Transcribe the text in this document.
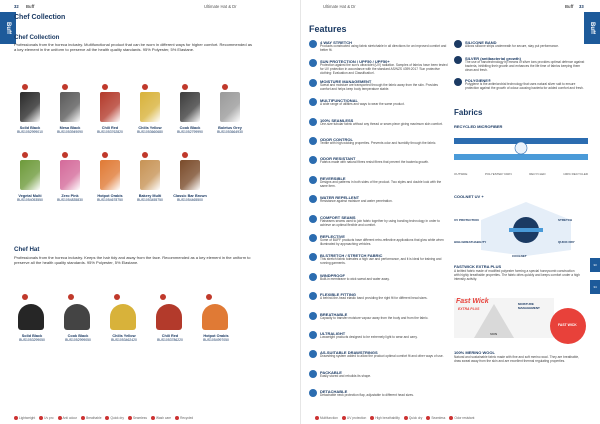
32 Buff	Ultimate Hat & Dr
Buff
Chef Collection
Chef Collection
Professionals from the horeca industry. Multifunctional product that can be worn in different ways for higher comfort. Recommended as a key element in the uniform to preserve all the health quality standards. 95% Polyester, 5% Elastane.
Solid Black
BUS1052999010
Mesa Black
BUS1053949090
Chili Red
BUS1053762820
Chilis Yellow
BUS1053660680
Cook Black
BUS1052799990
Boletus Grey
BUS1053664930
Vegetal Multi
BUS1054053550
Zero Pink
BUS1054835830
Hotpot Orabis
BUS1054678750
Bakery Multi
BUS1053455750
Classic Bar Brown
BUS1054465500
Chef Hat
Professionals from the horeca industry. Keeps the hair tidy and away from the face. Recommended as a key element in the uniform to preserve all the health quality standards. 95% Polyester, 5% Elastane.
Solid Black
BUS1053299050
Cook Black
BUS1052999050
Chilis Yellow
BUS1053462420
Chili Red
BUS1053786220
Hotpot Orabis
BUS1054997050
Lightweight	Uv pro	Anti odour	Breathable	Quick dry	Seamless	Wash care	Recycled
Ultimate Hat & Dr	Buff 33
Buff
Features
4 WAY STRETCH

Products constructed using fabric stretchable in all directions for an improved comfort and better fit.

SUN PROTECTION / UPF50 / UPF50+

Protection against the sun's ultraviolet (UV) radiation. Samples of fabrics have been tested for UV protection in accordance with the standard AS/NZS 4399:2017 'Sun protective clothing: Evaluation and Classification'.

MOISTURE MANAGEMENT

Sweat and moisture are transported through the fabric away from the skin. Provides comfort and helps keep body temperature stable.

MULTIFUNCTIONAL

A wide range of utilities and ways to wear the same product.

100% SEAMLESS

One-size tubular fabric without any thread or seam piece giving maximum skin comfort.

ODOR CONTROL

Textile with high-wicking properties. Prevents odor and humidity through the fabric.

ODOR RESISTANT

Fabrics made with natural fibres resist fibres that prevent the bacteria growth.

REVERSIBLE

Designs and patterns in both sides of the product. Two styles and double look with the same item.

WATER REPELLENT

Resistance against moisture and water penetration.

COMFORT SEAMS

Flatseams seams used to join fabric together by using bonding technology in order to achieve an optimal flexible and comfort.

REFLECTIVE

Some of BUFF products have different retro-reflective applications that glow white when illuminated by approaching vehicles.

BI-STRETCH / STRETCH FABRIC

This stretch fabric tolerates a high use and performance, and it is ideal for training and running garments.

WINDPROOF

Built-in membrane to wick sweat and water away.

FLEXIBLE FITTING

A behind-the-head elastic band providing the right fit for different head sizes.

BREATHABLE

Capacity to transfer moisture vapour away from the body and from the fabric.

ULTRALIGHT

Lowweight products designed to be extremely light to wear and carry.

AS-SUITABLE DRAWSTRINGS

Drawstring system added to allow the product optimal comfort fit and other ways of use.

PACKABLE

Easily stored and rebuilds its shape.

DETACHABLE

Detachable neck protection flap, adjustable to different head sizes.

SILICONE BAND

Allows silicone strips underneath for secure, stay put performance.

SILVER (antibacterial growth)

The use of nanotechnology by means of silver ions provides optimal defence against bacteria, inhibiting their growth and enhances the life time of fabrics keeping them clean and fresh.

POLYGIENE®

Polygiene is the antimicrobial technology that uses natural silver salt to ensure protection against the growth of odour-causing bacteria for added comfort and fresh.

Fabrics
RECYCLED MICROFIBER
OUTSIDE	POLYESTER YARN	RECYCLED	100% RECYCLED
COOLNET UV +
UV PROTECTION	STRETCH
HIGH BREATHABILITY	QUICK DRY
COOLNET
FASTWICK EXTRA PLUS
A knitted fabric made of modified polyester forming a special honeycomb construction with highly breathable properties. The fabric dries quickly and keeps comfort under a high intensity activity.
Fast Wick
EXTRA PLUS
MOISTURE MANAGEMENT
SKIN
FAST WICK
100% MERINO WOOL
Natural and sustainable fabric made with fine and soft merino wool. They are breathable, draw sweat away from the skin and are excellent thermal regulating properties.
33
34
Multifunction	UV protection	High breathability	Quick dry	Seamless	Odor resistant
